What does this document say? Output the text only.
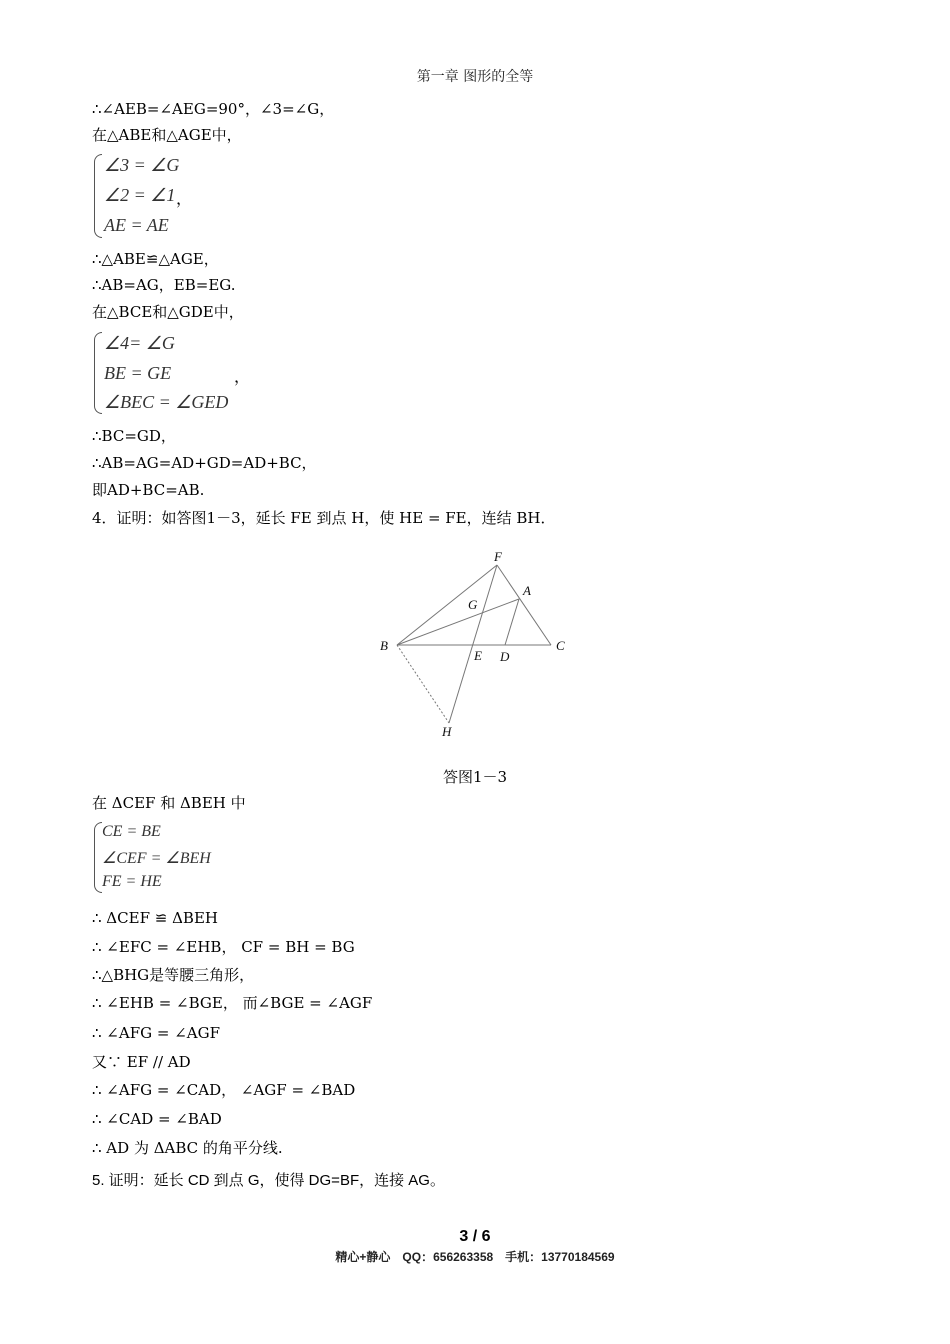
第一章 图形的全等
∴∠AEB=∠AEG=90°，∠3=∠G，
在△ABE和△AGE中，
∠3 = ∠G
∠2 = ∠1
AE = AE
，
∴△ABE≌△AGE，
∴AB=AG，EB=EG.
在△BCE和△GDE中，
∠4= ∠G
BE = GE
∠BEC = ∠GED
，
∴BC=GD，
∴AB=AG=AD+GD=AD+BC，
即AD+BC=AB.
4．证明：如答图1－3，延长 FE 到点 H，使 HE = FE，连结 BH．
F
A
G
B	C
E D
H
答图1－3
在 ΔCEF 和 ΔBEH 中
CE = BE
∠CEF = ∠BEH
FE = HE
∴ ΔCEF ≌ ΔBEH
∴ ∠EFC = ∠EHB， CF = BH = BG
∴△BHG是等腰三角形，
∴ ∠EHB = ∠BGE， 而∠BGE = ∠AGF
∴ ∠AFG = ∠AGF
又∵ EF // AD
∴ ∠AFG = ∠CAD， ∠AGF = ∠BAD
∴ ∠CAD = ∠BAD
∴ AD 为 ΔABC 的角平分线.
5. 证明：延长 CD 到点 G，使得 DG=BF，连接 AG。
3 / 6
精心+静心　QQ：656263358　手机：13770184569
